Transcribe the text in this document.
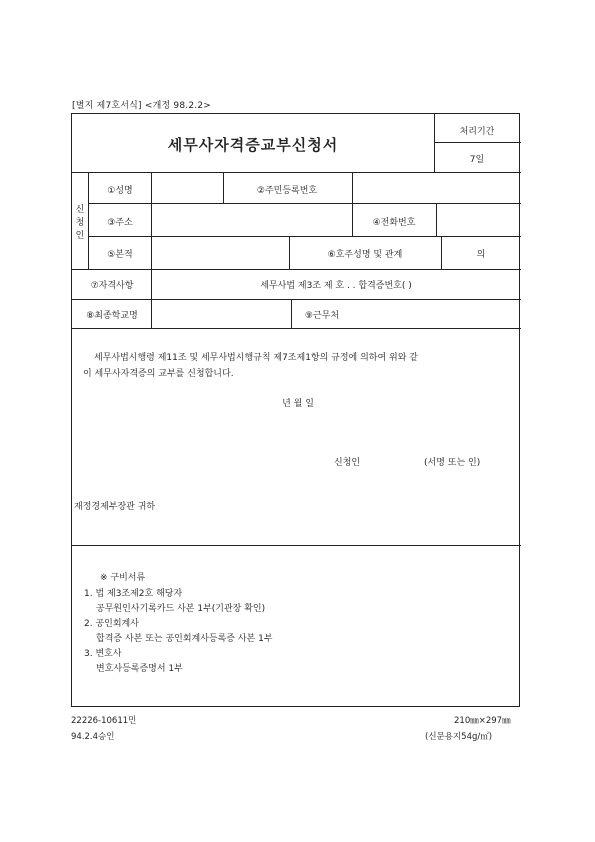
[별지 제7호서식] <개정 98.2.2>
세무사자격증교부신청서
처리기간
7일
신
청
인
①성명	②주민등록번호
③주소	④전화번호
⑤본적	⑥호주성명 및 관계	의
⑦자격사항	세무사법 제3조 제 호 . . 합격증번호( )
⑧최종학교명	⑨근무처
세무사법시행령 제11조 및 세무사법시행규칙 제7조제1항의 규정에 의하여 위와 같
이 세무사자격증의 교부를 신청합니다.
년 월 일
신청인	(서명 또는 인)
재정경제부장관 귀하
※ 구비서류
1. 법 제3조제2호 해당자
공무원인사기록카드 사본 1부(기관장 확인)
2. 공인회계사
합격증 사본 또는 공인회계사등록증 사본 1부
3. 변호사
변호사등록증명서 1부
22226-10611민	210㎜×297㎜
94.2.4승인	(신문용지54g/㎡)
